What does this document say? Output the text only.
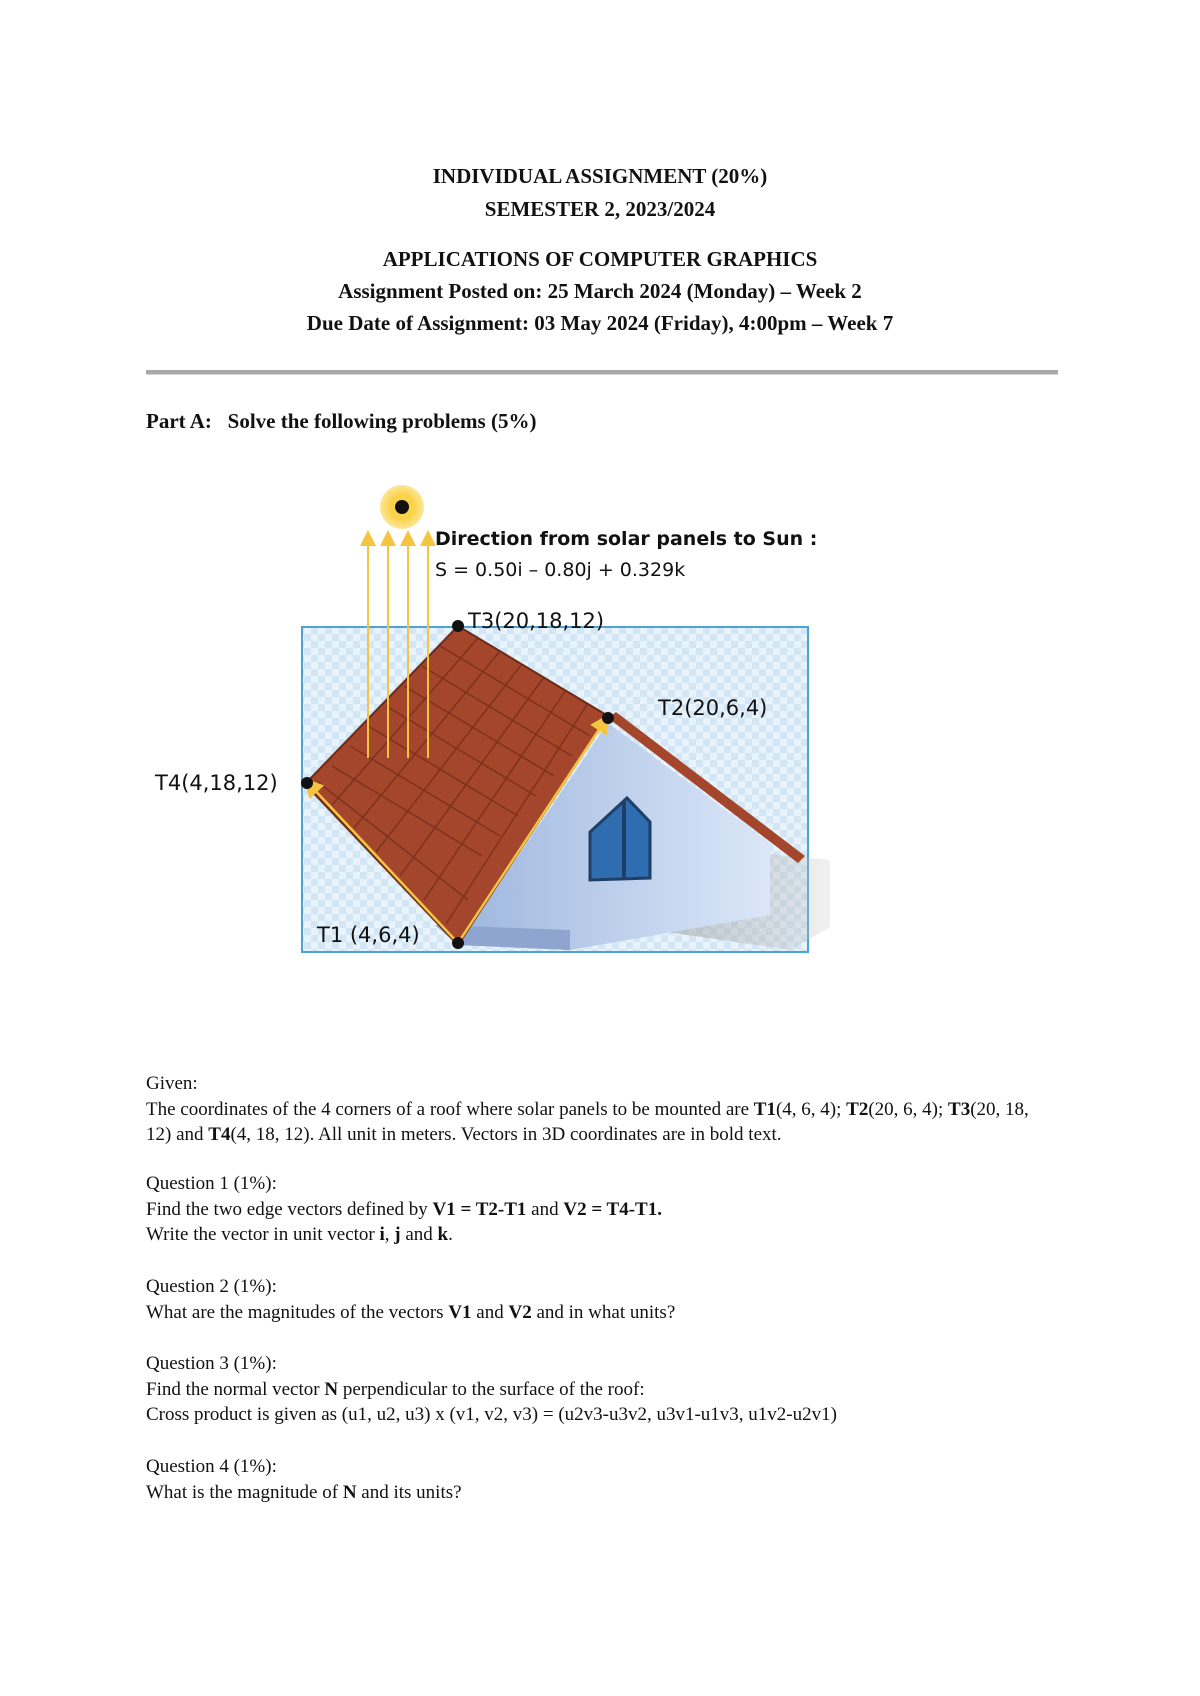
INDIVIDUAL ASSIGNMENT (20%)
SEMESTER 2, 2023/2024
APPLICATIONS OF COMPUTER GRAPHICS
Assignment Posted on: 25 March 2024 (Monday) – Week 2
Due Date of Assignment: 03 May 2024 (Friday), 4:00pm – Week 7
Part A: Solve the following problems (5%)
Direction from solar panels to Sun :
S = 0.50i – 0.80j + 0.329k
T3(20,18,12)
T2(20,6,4)
T4(4,18,12)
T1 (4,6,4)
Given:
The coordinates of the 4 corners of a roof where solar panels to be mounted are T1(4, 6, 4); T2(20, 6, 4); T3(20, 18, 12) and T4(4, 18, 12). All unit in meters. Vectors in 3D coordinates are in bold text.
Question 1 (1%):
Find the two edge vectors defined by V1 = T2-T1 and V2 = T4-T1.
Write the vector in unit vector i, j and k.
Question 2 (1%):
What are the magnitudes of the vectors V1 and V2 and in what units?
Question 3 (1%):
Find the normal vector N perpendicular to the surface of the roof:
Cross product is given as (u1, u2, u3) x (v1, v2, v3) = (u2v3-u3v2, u3v1-u1v3, u1v2-u2v1)
Question 4 (1%):
What is the magnitude of N and its units?
